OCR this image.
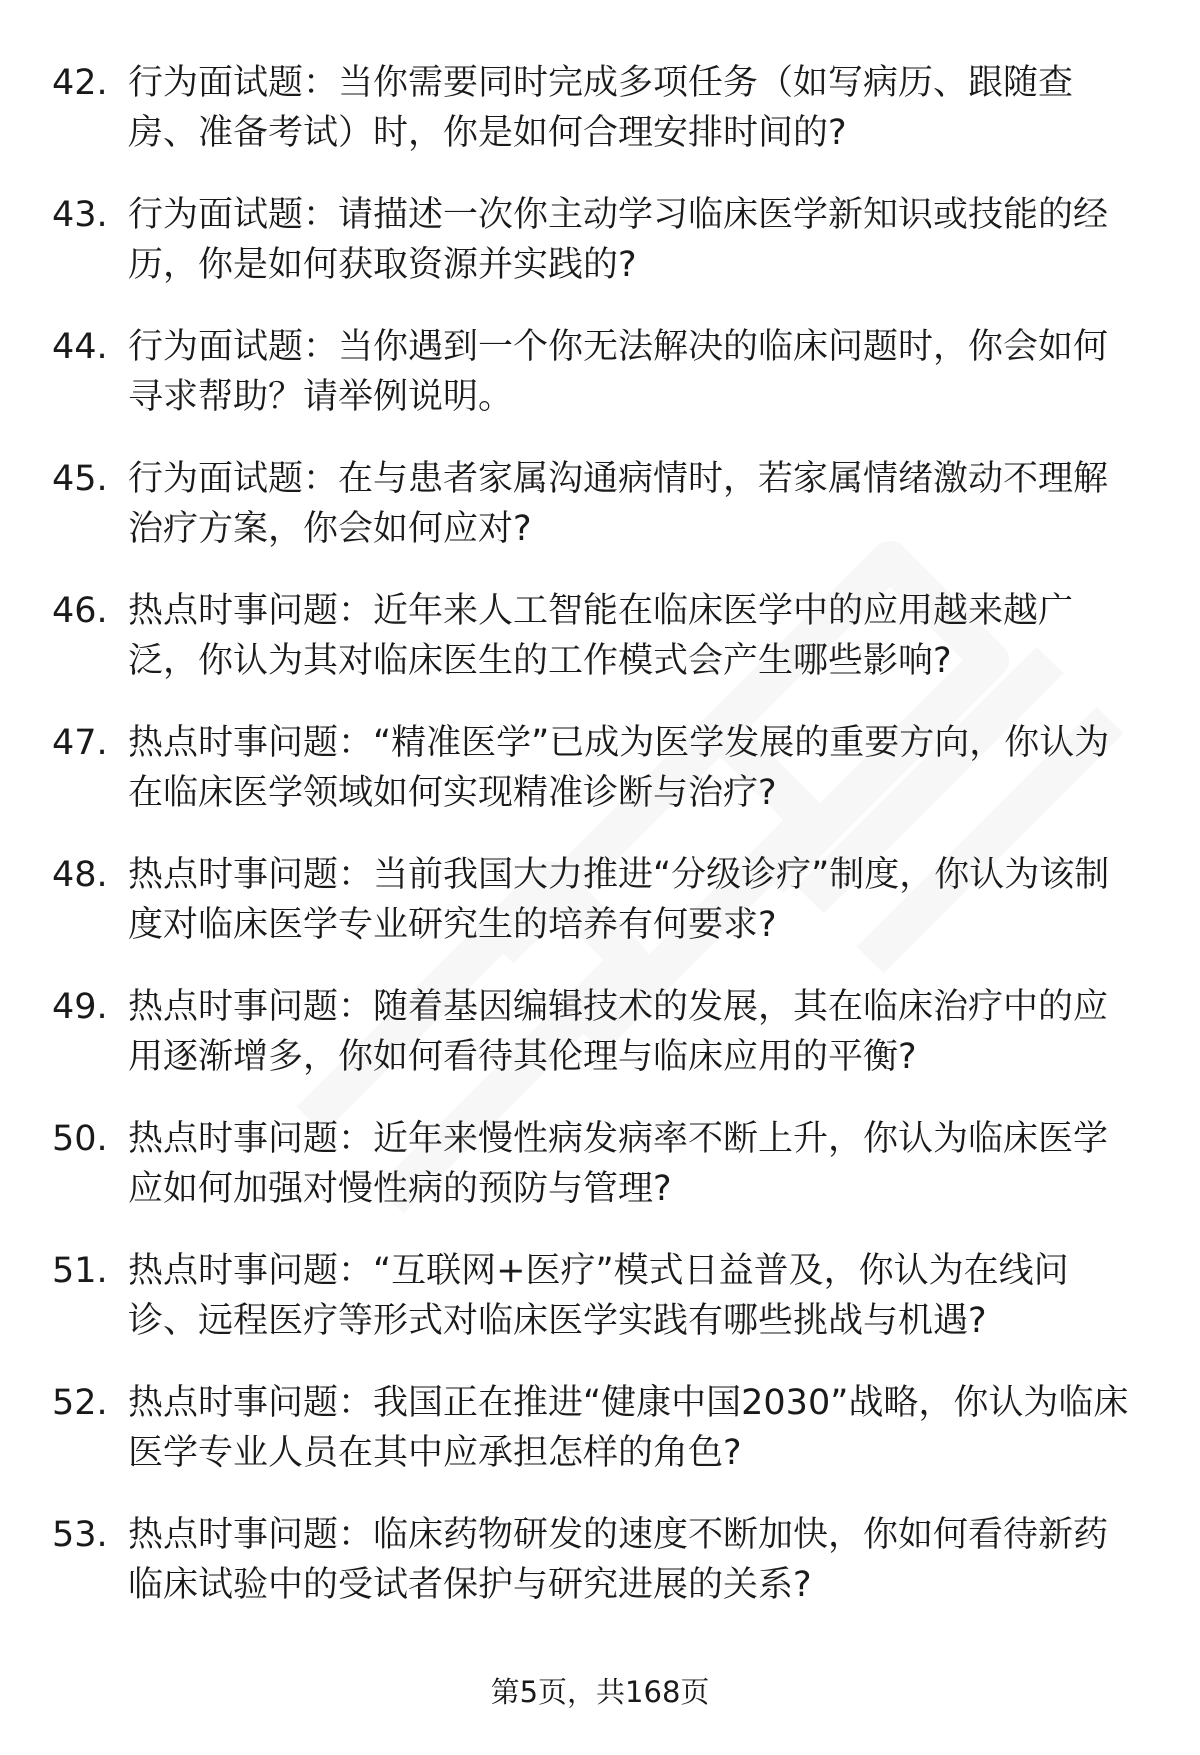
42. 行为面试题：当你需要同时完成多项任务（如写病历、跟随查房、准备考试）时，你是如何合理安排时间的?
43. 行为面试题：请描述一次你主动学习临床医学新知识或技能的经历，你是如何获取资源并实践的?
44. 行为面试题：当你遇到一个你无法解决的临床问题时，你会如何寻求帮助？请举例说明。
45. 行为面试题：在与患者家属沟通病情时，若家属情绪激动不理解治疗方案，你会如何应对?
46. 热点时事问题：近年来人工智能在临床医学中的应用越来越广泛，你认为其对临床医生的工作模式会产生哪些影响?
47. 热点时事问题：“精准医学”已成为医学发展的重要方向，你认为在临床医学领域如何实现精准诊断与治疗?
48. 热点时事问题：当前我国大力推进“分级诊疗”制度，你认为该制度对临床医学专业研究生的培养有何要求?
49. 热点时事问题：随着基因编辑技术的发展，其在临床治疗中的应用逐渐增多，你如何看待其伦理与临床应用的平衡?
50. 热点时事问题：近年来慢性病发病率不断上升，你认为临床医学应如何加强对慢性病的预防与管理?
51. 热点时事问题：“互联网+医疗”模式日益普及，你认为在线问诊、远程医疗等形式对临床医学实践有哪些挑战与机遇?
52. 热点时事问题：我国正在推进“健康中国2030”战略，你认为临床医学专业人员在其中应承担怎样的角色?
53. 热点时事问题：临床药物研发的速度不断加快，你如何看待新药临床试验中的受试者保护与研究进展的关系?
第5页，共168页
